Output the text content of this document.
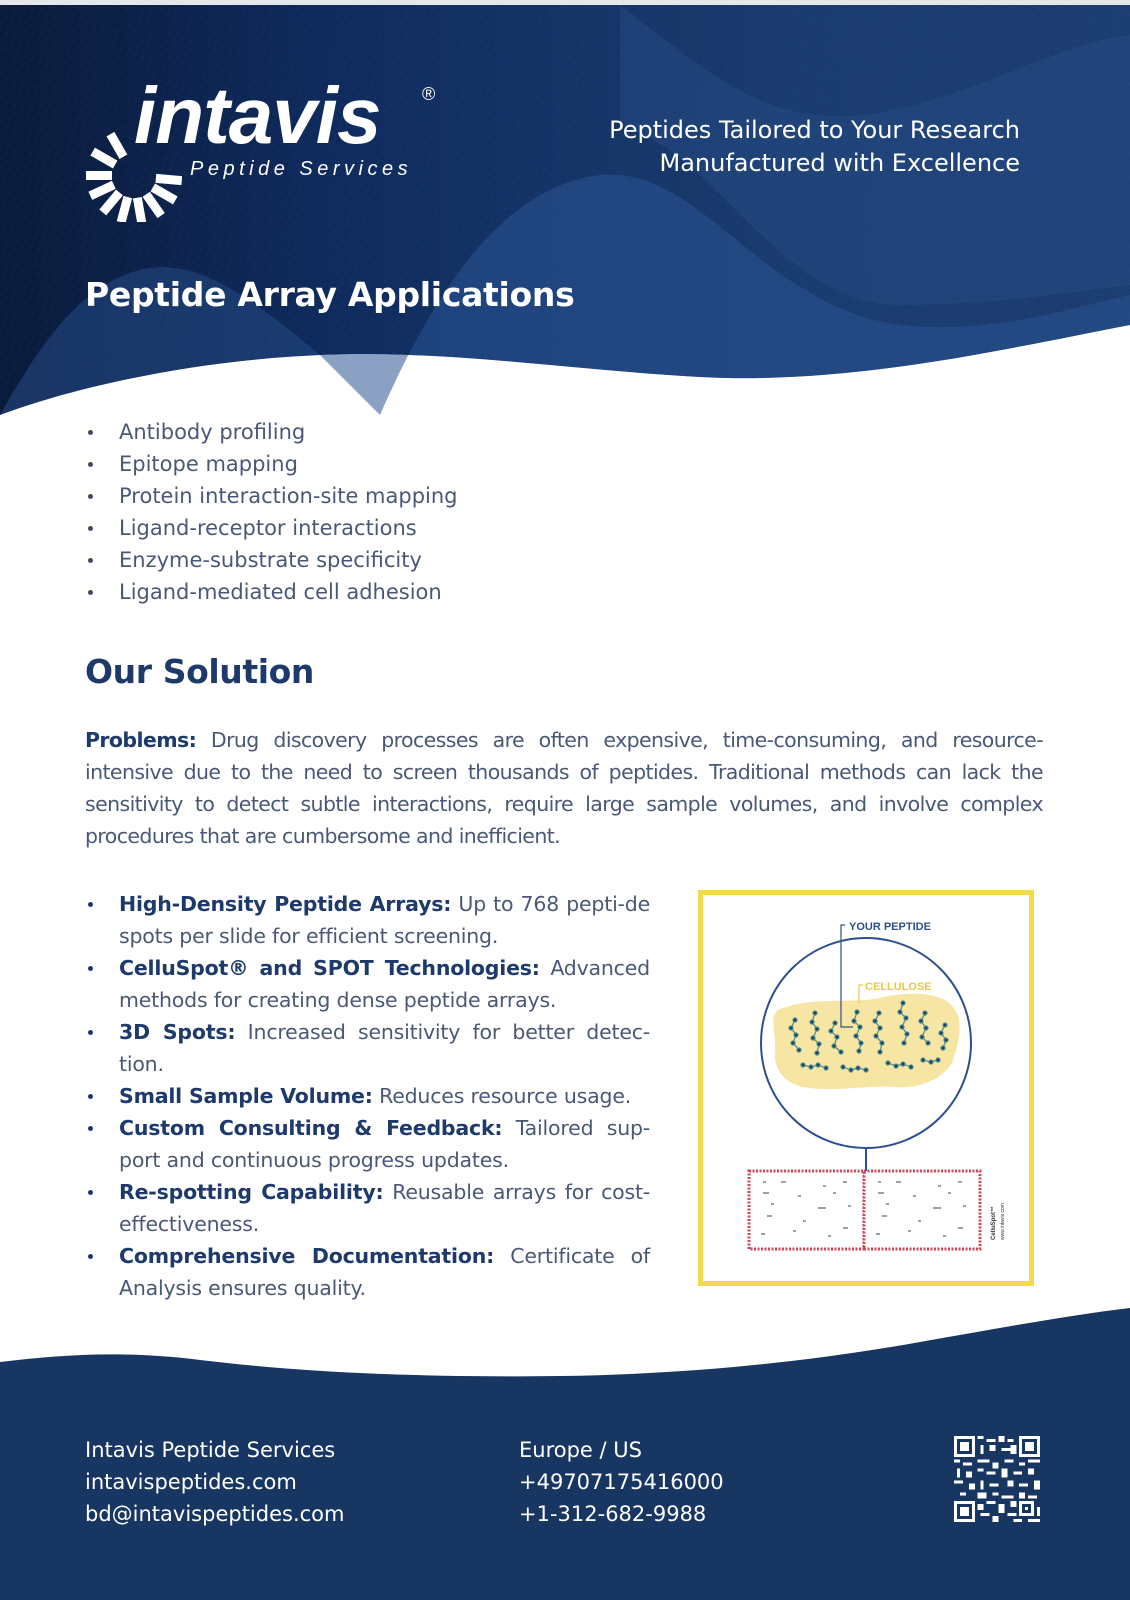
intavis ®
Peptide Services
Peptides Tailored to Your Research
Manufactured with Excellence
Peptide Array Applications
Antibody profiling
Epitope mapping
Protein interaction-site mapping
Ligand-receptor interactions
Enzyme-substrate specificity
Ligand-mediated cell adhesion
Our Solution

Problems: Drug discovery processes are often expensive, time-consuming, and resource-intensive due to the need to screen thousands of peptides. Traditional methods can lack the sensitivity to detect subtle interactions, require large sample volumes, and involve complex procedures that are cumbersome and inefficient.

High-Density Peptide Arrays: Up to 768 pepti-de spots per slide for efficient screening.
CelluSpot® and SPOT Technologies: Advanced methods for creating dense peptide arrays.
3D Spots: Increased sensitivity for better detec-tion.
Small Sample Volume: Reduces resource usage.
Custom Consulting & Feedback: Tailored sup-port and continuous progress updates.
Re-spotting Capability: Reusable arrays for cost-effectiveness.
Comprehensive Documentation: Certificate of Analysis ensures quality.
YOUR PEPTIDE
CELLULOSE
CelluSpot™ www.intavis.com
Intavis Peptide Services
intavispeptides.com
bd@intavispeptides.com
Europe / US
+49707175416000
+1-312-682-9988
